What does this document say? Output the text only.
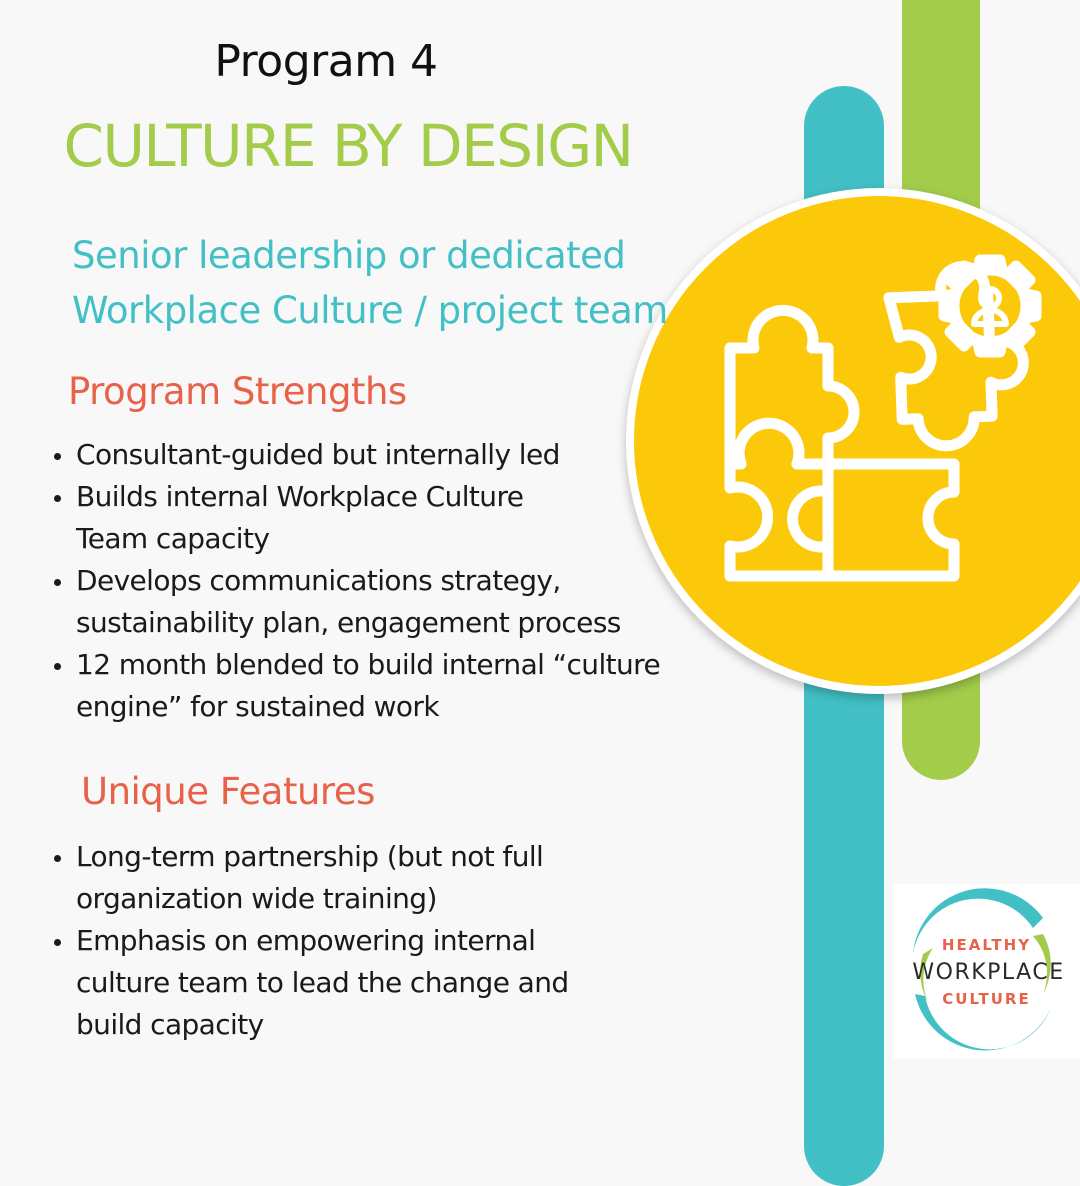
Program 4
CULTURE BY DESIGN
Senior leadership or dedicated
Workplace Culture / project team
Program Strengths
Consultant-guided but internally led
Builds internal Workplace Culture Team capacity
Develops communications strategy, sustainability plan, engagement process
12 month blended to build internal “culture engine” for sustained work
Unique Features
Long-term partnership (but not full organization wide training)
Emphasis on empowering internal culture team to lead the change and build capacity
HEALTHY
WORKPLACE
CULTURE
